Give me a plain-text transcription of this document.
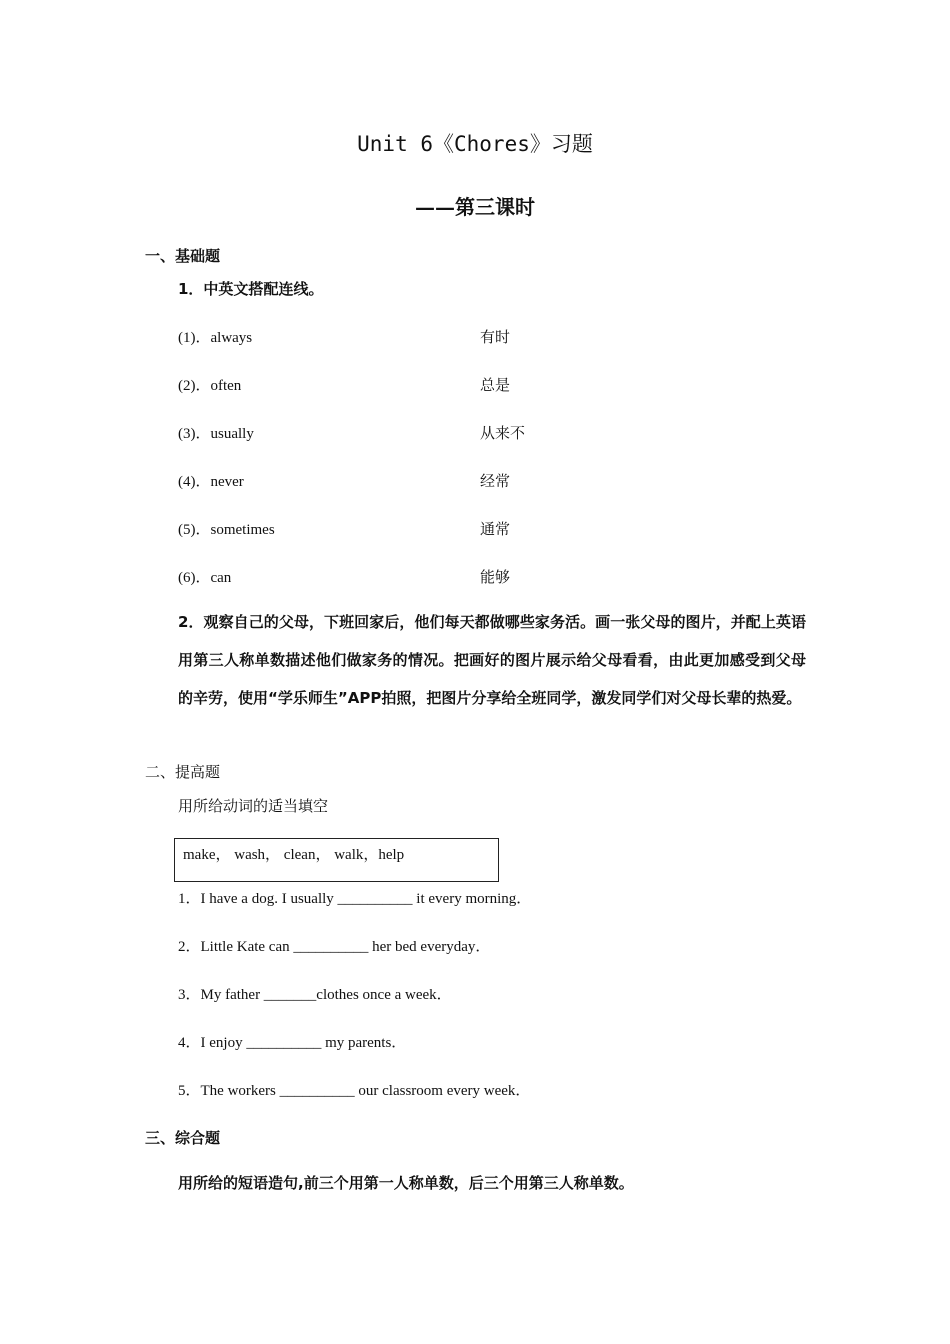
Unit 6《Chores》习题
——第三课时
一、基础题
1．中英文搭配连线。
(1)．always	有时
(2)．often	总是
(3)．usually	从来不
(4)．never	经常
(5)．sometimes	通常
(6)．can	能够
2．观察自己的父母，下班回家后，他们每天都做哪些家务活。画一张父母的图片，并配上英语用第三人称单数描述他们做家务的情况。把画好的图片展示给父母看看，由此更加感受到父母的辛劳，使用“学乐师生”APP拍照，把图片分享给全班同学，激发同学们对父母长辈的热爱。
二、提高题
用所给动词的适当填空
make， wash， clean， walk，help
1．I have a dog. I usually __________ it every morning．
2．Little Kate can __________ her bed everyday．
3．My father _______clothes once a week．
4．I enjoy __________ my parents．
5．The workers __________ our classroom every week．
三、综合题
用所给的短语造句,前三个用第一人称单数，后三个用第三人称单数。
